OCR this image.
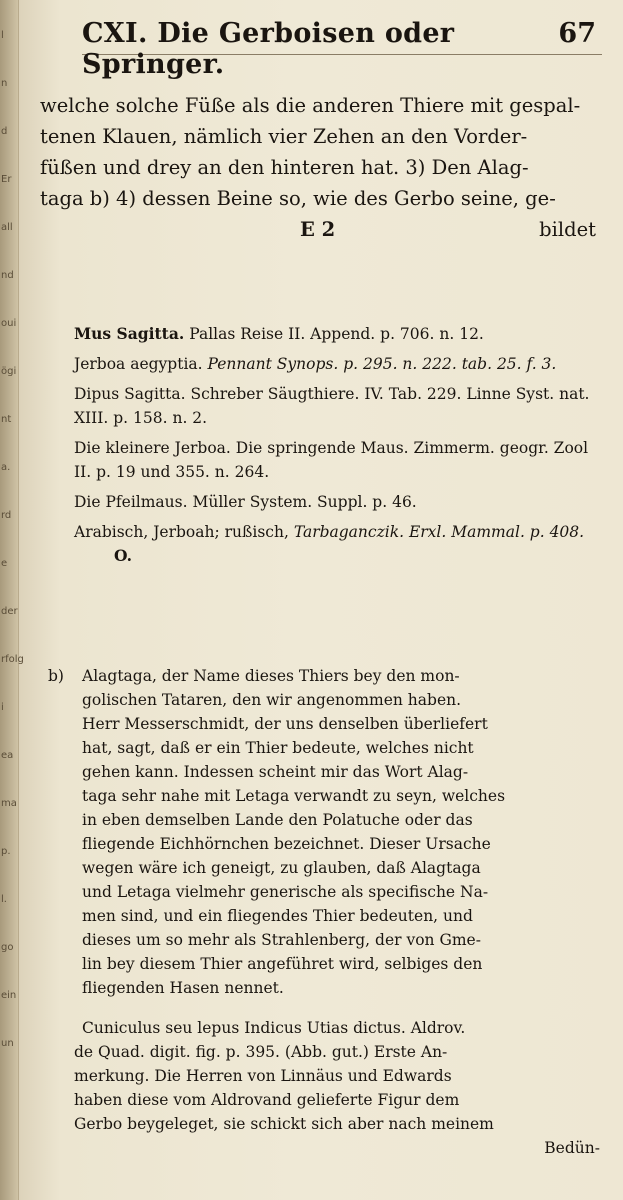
l
n
d
Er
all
nd
oui
ögi
nt
a.
rd
e
der
rfolg
i
ea
ma
p.
l.
go
ein
un
CXI. Die Gerboisen oder Springer.
67
welche solche Füße als die anderen Thiere mit gespal-
tenen Klauen, nämlich vier Zehen an den Vorder-
füßen und drey an den hinteren hat. 3) Den Alag-
taga b) 4) dessen Beine so, wie des Gerbo seine, ge-
E 2	bildet

Mus Sagitta. Pallas Reise II. Append. p. 706. n. 12.

Jerboa aegyptia. Pennant Synops. p. 295. n. 222. tab. 25. f. 3.

Dipus Sagitta. Schreber Säugthiere. IV. Tab. 229. Linne Syst. nat. XIII. p. 158. n. 2.

Die kleinere Jerboa. Die springende Maus. Zimmerm. geogr. Zool II. p. 19 und 355. n. 264.

Die Pfeilmaus. Müller System. Suppl. p. 46.

Arabisch, Jerboah; rußisch, Tarbaganczik. Erxl. Mammal. p. 408. O.

b) Alagtaga, der Name dieses Thiers bey den mon-
golischen Tataren, den wir angenommen haben.
Herr Messerschmidt, der uns denselben überliefert
hat, sagt, daß er ein Thier bedeute, welches nicht
gehen kann. Indessen scheint mir das Wort Alag-
taga sehr nahe mit Letaga verwandt zu seyn, welches
in eben demselben Lande den Polatuche oder das
fliegende Eichhörnchen bezeichnet. Dieser Ursache
wegen wäre ich geneigt, zu glauben, daß Alagtaga
und Letaga vielmehr generische als specifische Na-
men sind, und ein fliegendes Thier bedeuten, und
dieses um so mehr als Strahlenberg, der von Gme-
lin bey diesem Thier angeführet wird, selbiges den
fliegenden Hasen nennet.
Cuniculus seu lepus Indicus Utias dictus. Aldrov.
de Quad. digit. fig. p. 395. (Abb. gut.) Erste An-
merkung. Die Herren von Linnäus und Edwards
haben diese vom Aldrovand gelieferte Figur dem
Gerbo beygeleget, sie schickt sich aber nach meinem
Bedün-
